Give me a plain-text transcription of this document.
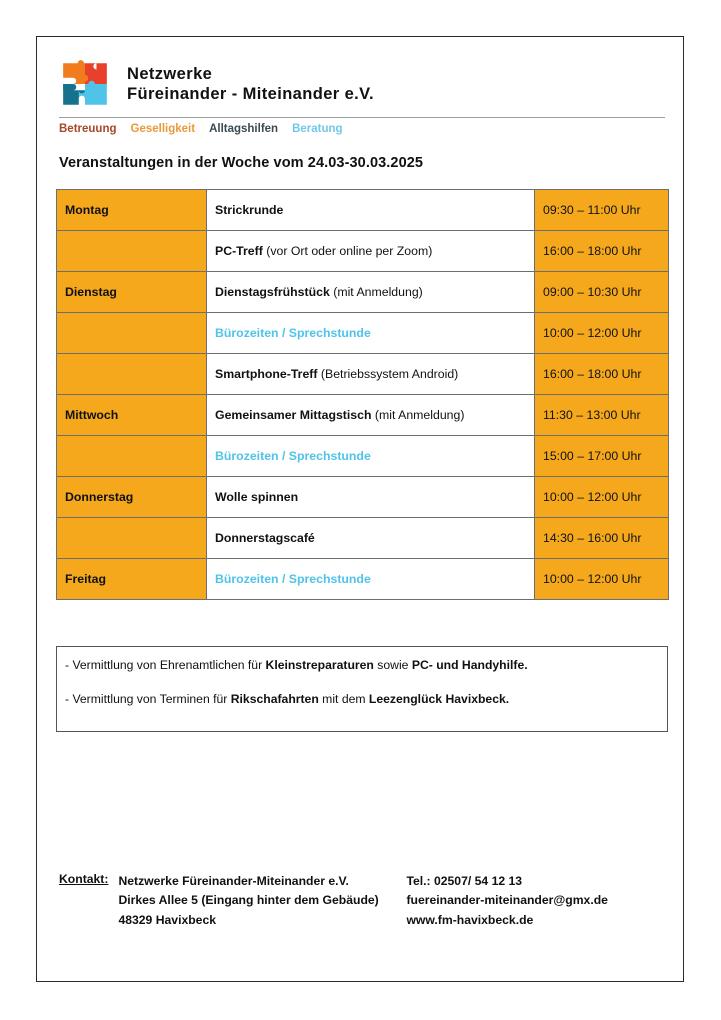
Netzwerke
Füreinander - Miteinander e.V.
Betreuung Geselligkeit Alltagshilfen Beratung
Veranstaltungen in der Woche vom 24.03-30.03.2025
Montag	Strickrunde	09:30 – 11:00 Uhr
	PC-Treff (vor Ort oder online per Zoom)	16:00 – 18:00 Uhr
Dienstag	Dienstagsfrühstück (mit Anmeldung)	09:00 – 10:30 Uhr
	Bürozeiten / Sprechstunde	10:00 – 12:00 Uhr
	Smartphone-Treff (Betriebssystem Android)	16:00 – 18:00 Uhr
Mittwoch	Gemeinsamer Mittagstisch (mit Anmeldung)	11:30 – 13:00 Uhr
	Bürozeiten / Sprechstunde	15:00 – 17:00 Uhr
Donnerstag	Wolle spinnen	10:00 – 12:00 Uhr
	Donnerstagscafé	14:30 – 16:00 Uhr
Freitag	Bürozeiten / Sprechstunde	10:00 – 12:00 Uhr
- Vermittlung von Ehrenamtlichen für Kleinstreparaturen sowie PC- und Handyhilfe.
- Vermittlung von Terminen für Rikschafahrten mit dem Leezenglück Havixbeck.
Kontakt: Netzwerke Füreinander-Miteinander e.V.
Dirkes Allee 5 (Eingang hinter dem Gebäude)
48329 Havixbeck
Tel.: 02507/ 54 12 13
fuereinander-miteinander@gmx.de
www.fm-havixbeck.de
